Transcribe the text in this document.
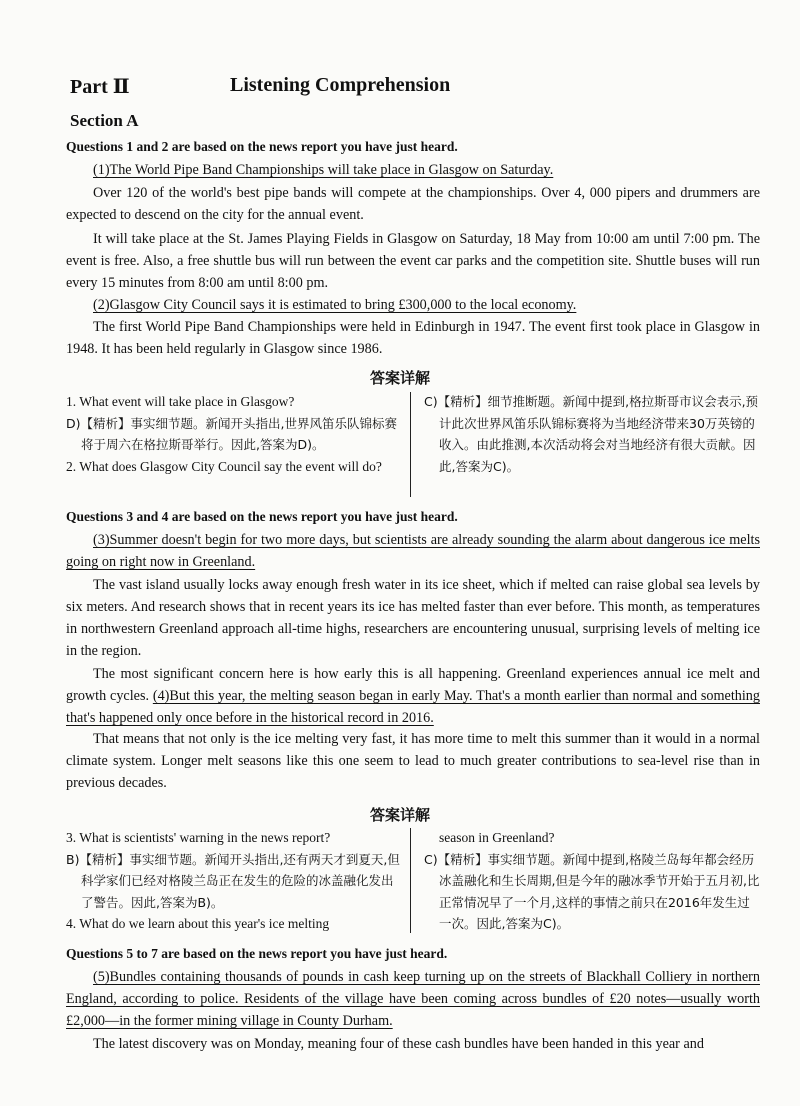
Part Ⅱ	Listening Comprehension
Section A
Questions 1 and 2 are based on the news report you have just heard.
(1)The World Pipe Band Championships will take place in Glasgow on Saturday.
Over 120 of the world's best pipe bands will compete at the championships. Over 4, 000 pipers and drummers are expected to descend on the city for the annual event.
It will take place at the St. James Playing Fields in Glasgow on Saturday, 18 May from 10:00 am until 7:00 pm. The event is free. Also, a free shuttle bus will run between the event car parks and the competition site. Shuttle buses will run every 15 minutes from 8:00 am until 8:00 pm.
(2)Glasgow City Council says it is estimated to bring £300,000 to the local economy.
The first World Pipe Band Championships were held in Edinburgh in 1947. The event first took place in Glasgow in 1948. It has been held regularly in Glasgow since 1986.
答案详解

1. What event will take place in Glasgow?

D)【精析】事实细节题。新闻开头指出,世界风笛乐队锦标赛将于周六在格拉斯哥举行。因此,答案为D)。

2. What does Glasgow City Council say the event will do?

C)【精析】细节推断题。新闻中提到,格拉斯哥市议会表示,预计此次世界风笛乐队锦标赛将为当地经济带来30万英镑的收入。由此推测,本次活动将会对当地经济有很大贡献。因此,答案为C)。

Questions 3 and 4 are based on the news report you have just heard.
(3)Summer doesn't begin for two more days, but scientists are already sounding the alarm about dangerous ice melts going on right now in Greenland.
The vast island usually locks away enough fresh water in its ice sheet, which if melted can raise global sea levels by six meters. And research shows that in recent years its ice has melted faster than ever before. This month, as temperatures in northwestern Greenland approach all-time highs, researchers are encountering unusual, surprising levels of melting ice in the region.
The most significant concern here is how early this is all happening. Greenland experiences annual ice melt and growth cycles. (4)But this year, the melting season began in early May. That's a month earlier than normal and something that's happened only once before in the historical record in 2016.
That means that not only is the ice melting very fast, it has more time to melt this summer than it would in a normal climate system. Longer melt seasons like this one seem to lead to much greater contributions to sea-level rise than in previous decades.
答案详解

3. What is scientists' warning in the news report?

B)【精析】事实细节题。新闻开头指出,还有两天才到夏天,但科学家们已经对格陵兰岛正在发生的危险的冰盖融化发出了警告。因此,答案为B)。

4. What do we learn about this year's ice melting

season in Greenland?

C)【精析】事实细节题。新闻中提到,格陵兰岛每年都会经历冰盖融化和生长周期,但是今年的融冰季节开始于五月初,比正常情况早了一个月,这样的事情之前只在2016年发生过一次。因此,答案为C)。

Questions 5 to 7 are based on the news report you have just heard.
(5)Bundles containing thousands of pounds in cash keep turning up on the streets of Blackhall Colliery in northern England, according to police. Residents of the village have been coming across bundles of £20 notes—usually worth £2,000—in the former mining village in County Durham.
The latest discovery was on Monday, meaning four of these cash bundles have been handed in this year and
